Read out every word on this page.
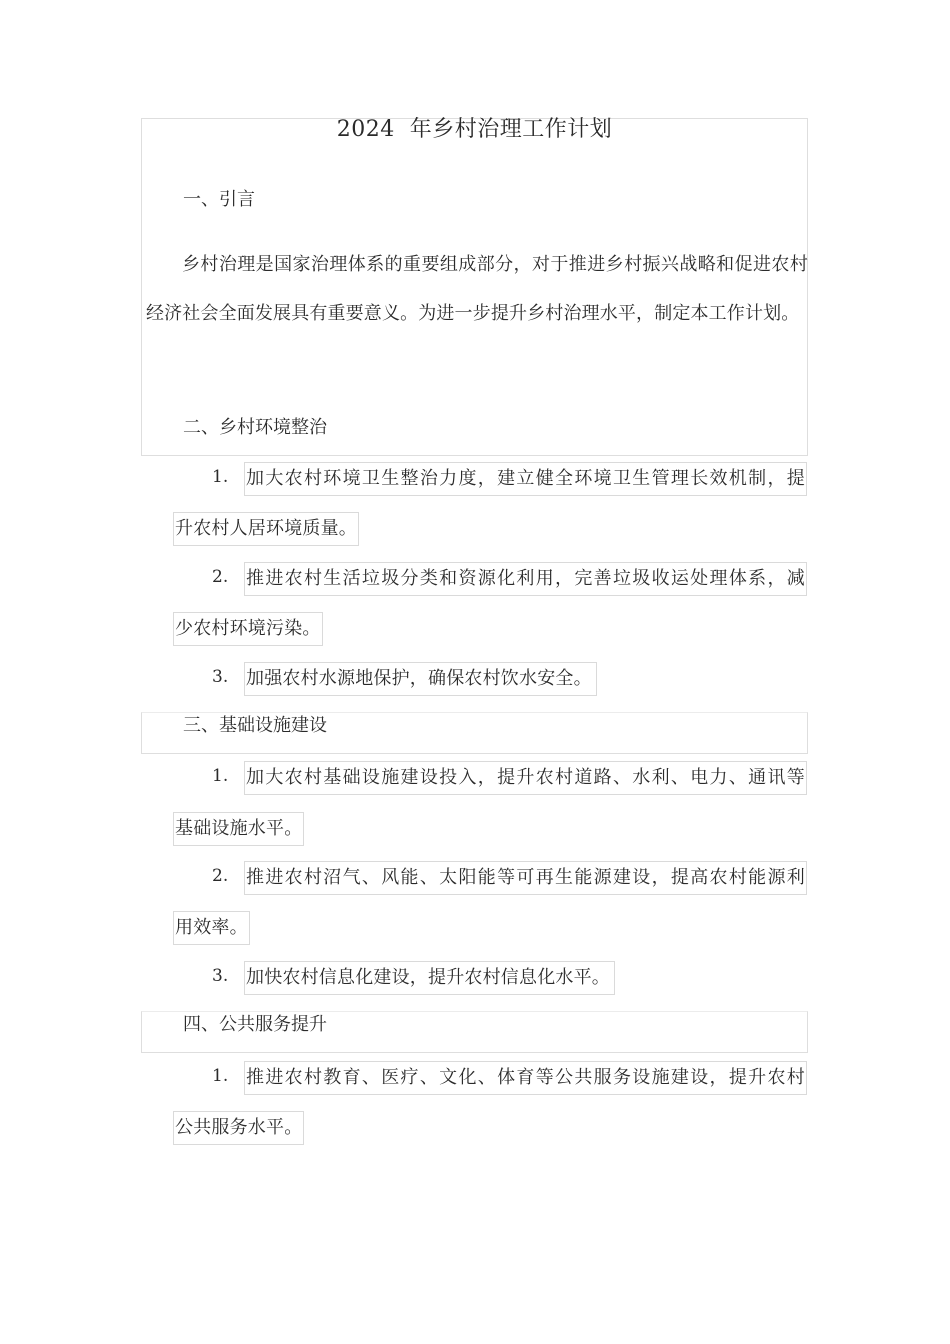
2024  年乡村治理工作计划
一、引言
乡村治理是国家治理体系的重要组成部分，对于推进乡村振兴战略和促进农村经济社会全面发展具有重要意义。为进一步提升乡村治理水平，制定本工作计划。
二、乡村环境整治
1. 加大农村环境卫生整治力度，建立健全环境卫生管理长效机制，提
升农村人居环境质量。
2. 推进农村生活垃圾分类和资源化利用，完善垃圾收运处理体系，减
少农村环境污染。
3. 加强农村水源地保护，确保农村饮水安全。
三、基础设施建设
1. 加大农村基础设施建设投入，提升农村道路、水利、电力、通讯等
基础设施水平。
2. 推进农村沼气、风能、太阳能等可再生能源建设，提高农村能源利
用效率。
3. 加快农村信息化建设，提升农村信息化水平。
四、公共服务提升
1. 推进农村教育、医疗、文化、体育等公共服务设施建设，提升农村
公共服务水平。
